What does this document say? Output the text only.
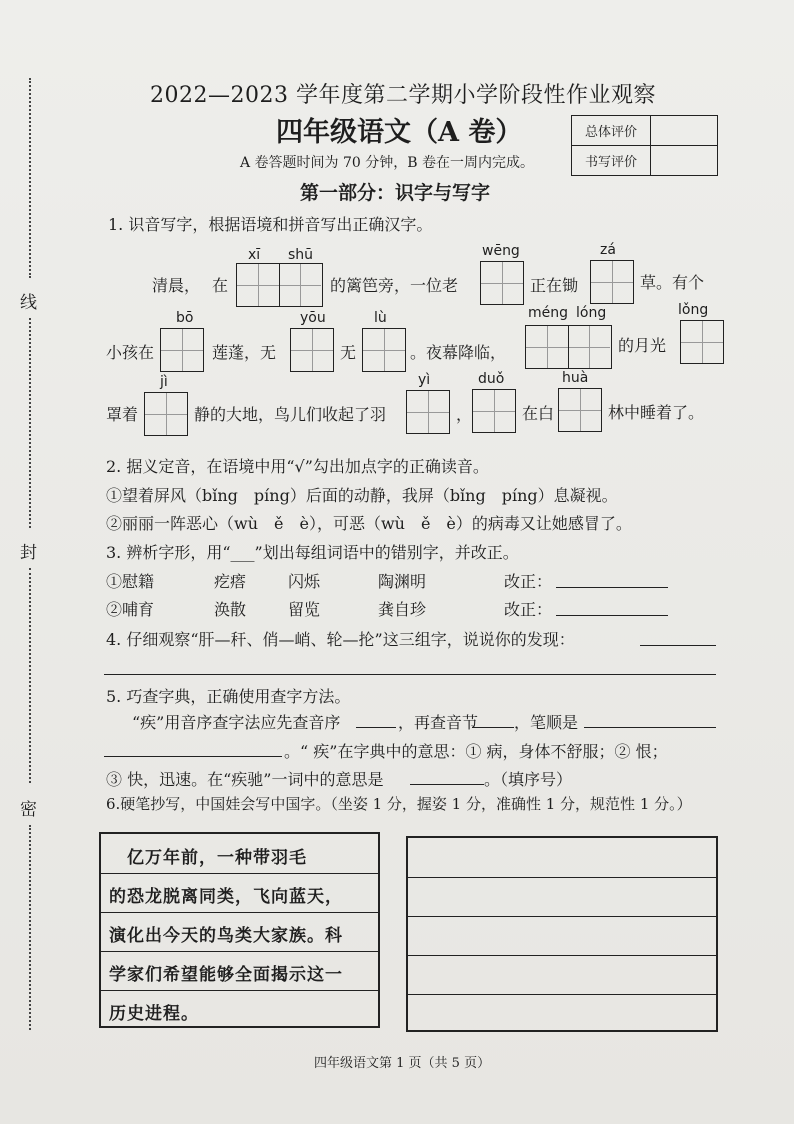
线
封
密
2022—2023 学年度第二学期小学阶段性作业观察
四年级语文（A 卷）
A 卷答题时间为 70 分钟，B 卷在一周内完成。
总体评价	
书写评价	
第一部分：识字与写字
1. 识音写字，根据语境和拼音写出正确汉字。
xī shū	wēng	zá
清晨， 在	的篱笆旁，一位老	正在锄	草。有个
bō	yōu	lù	méng lóng	lǒng
小孩在	莲蓬，无	无	。夜幕降临，	的月光
jì	yì	duǒ	huà
罩着	静的大地，鸟儿们收起了羽	，	在白	林中睡着了。
2. 据义定音，在语境中用“√”勾出加点字的正确读音。
①望着屏风（bǐng　píng）后面的动静，我屏（bǐng　píng）息凝视。
②丽丽一阵恶心（wù　ě　è），可恶（wù　ě　è）的病毒又让她感冒了。
3. 辨析字形，用“___”划出每组词语中的错别字，并改正。
①慰籍	疙瘩	闪烁	陶渊明	改正：
②哺育	涣散	留览	龚自珍	改正：
4. 仔细观察“肝—秆、俏—峭、轮—抡”这三组字，说说你的发现：
5. 巧查字典，正确使用查字方法。
“疾”用音序查字法应先查音序	，再查音节 ，笔顺是
。“ 疾”在字典中的意思：① 病，身体不舒服；② 恨；
③ 快，迅速。在“疾驰”一词中的意思是	。（填序号）
6.硬笔抄写，中国娃会写中国字。（坐姿 1 分，握姿 1 分，准确性 1 分，规范性 1 分。）
　亿万年前，一种带羽毛
的恐龙脱离同类，飞向蓝天，
演化出今天的鸟类大家族。科
学家们希望能够全面揭示这一
历史进程。
四年级语文第 1 页（共 5 页）
